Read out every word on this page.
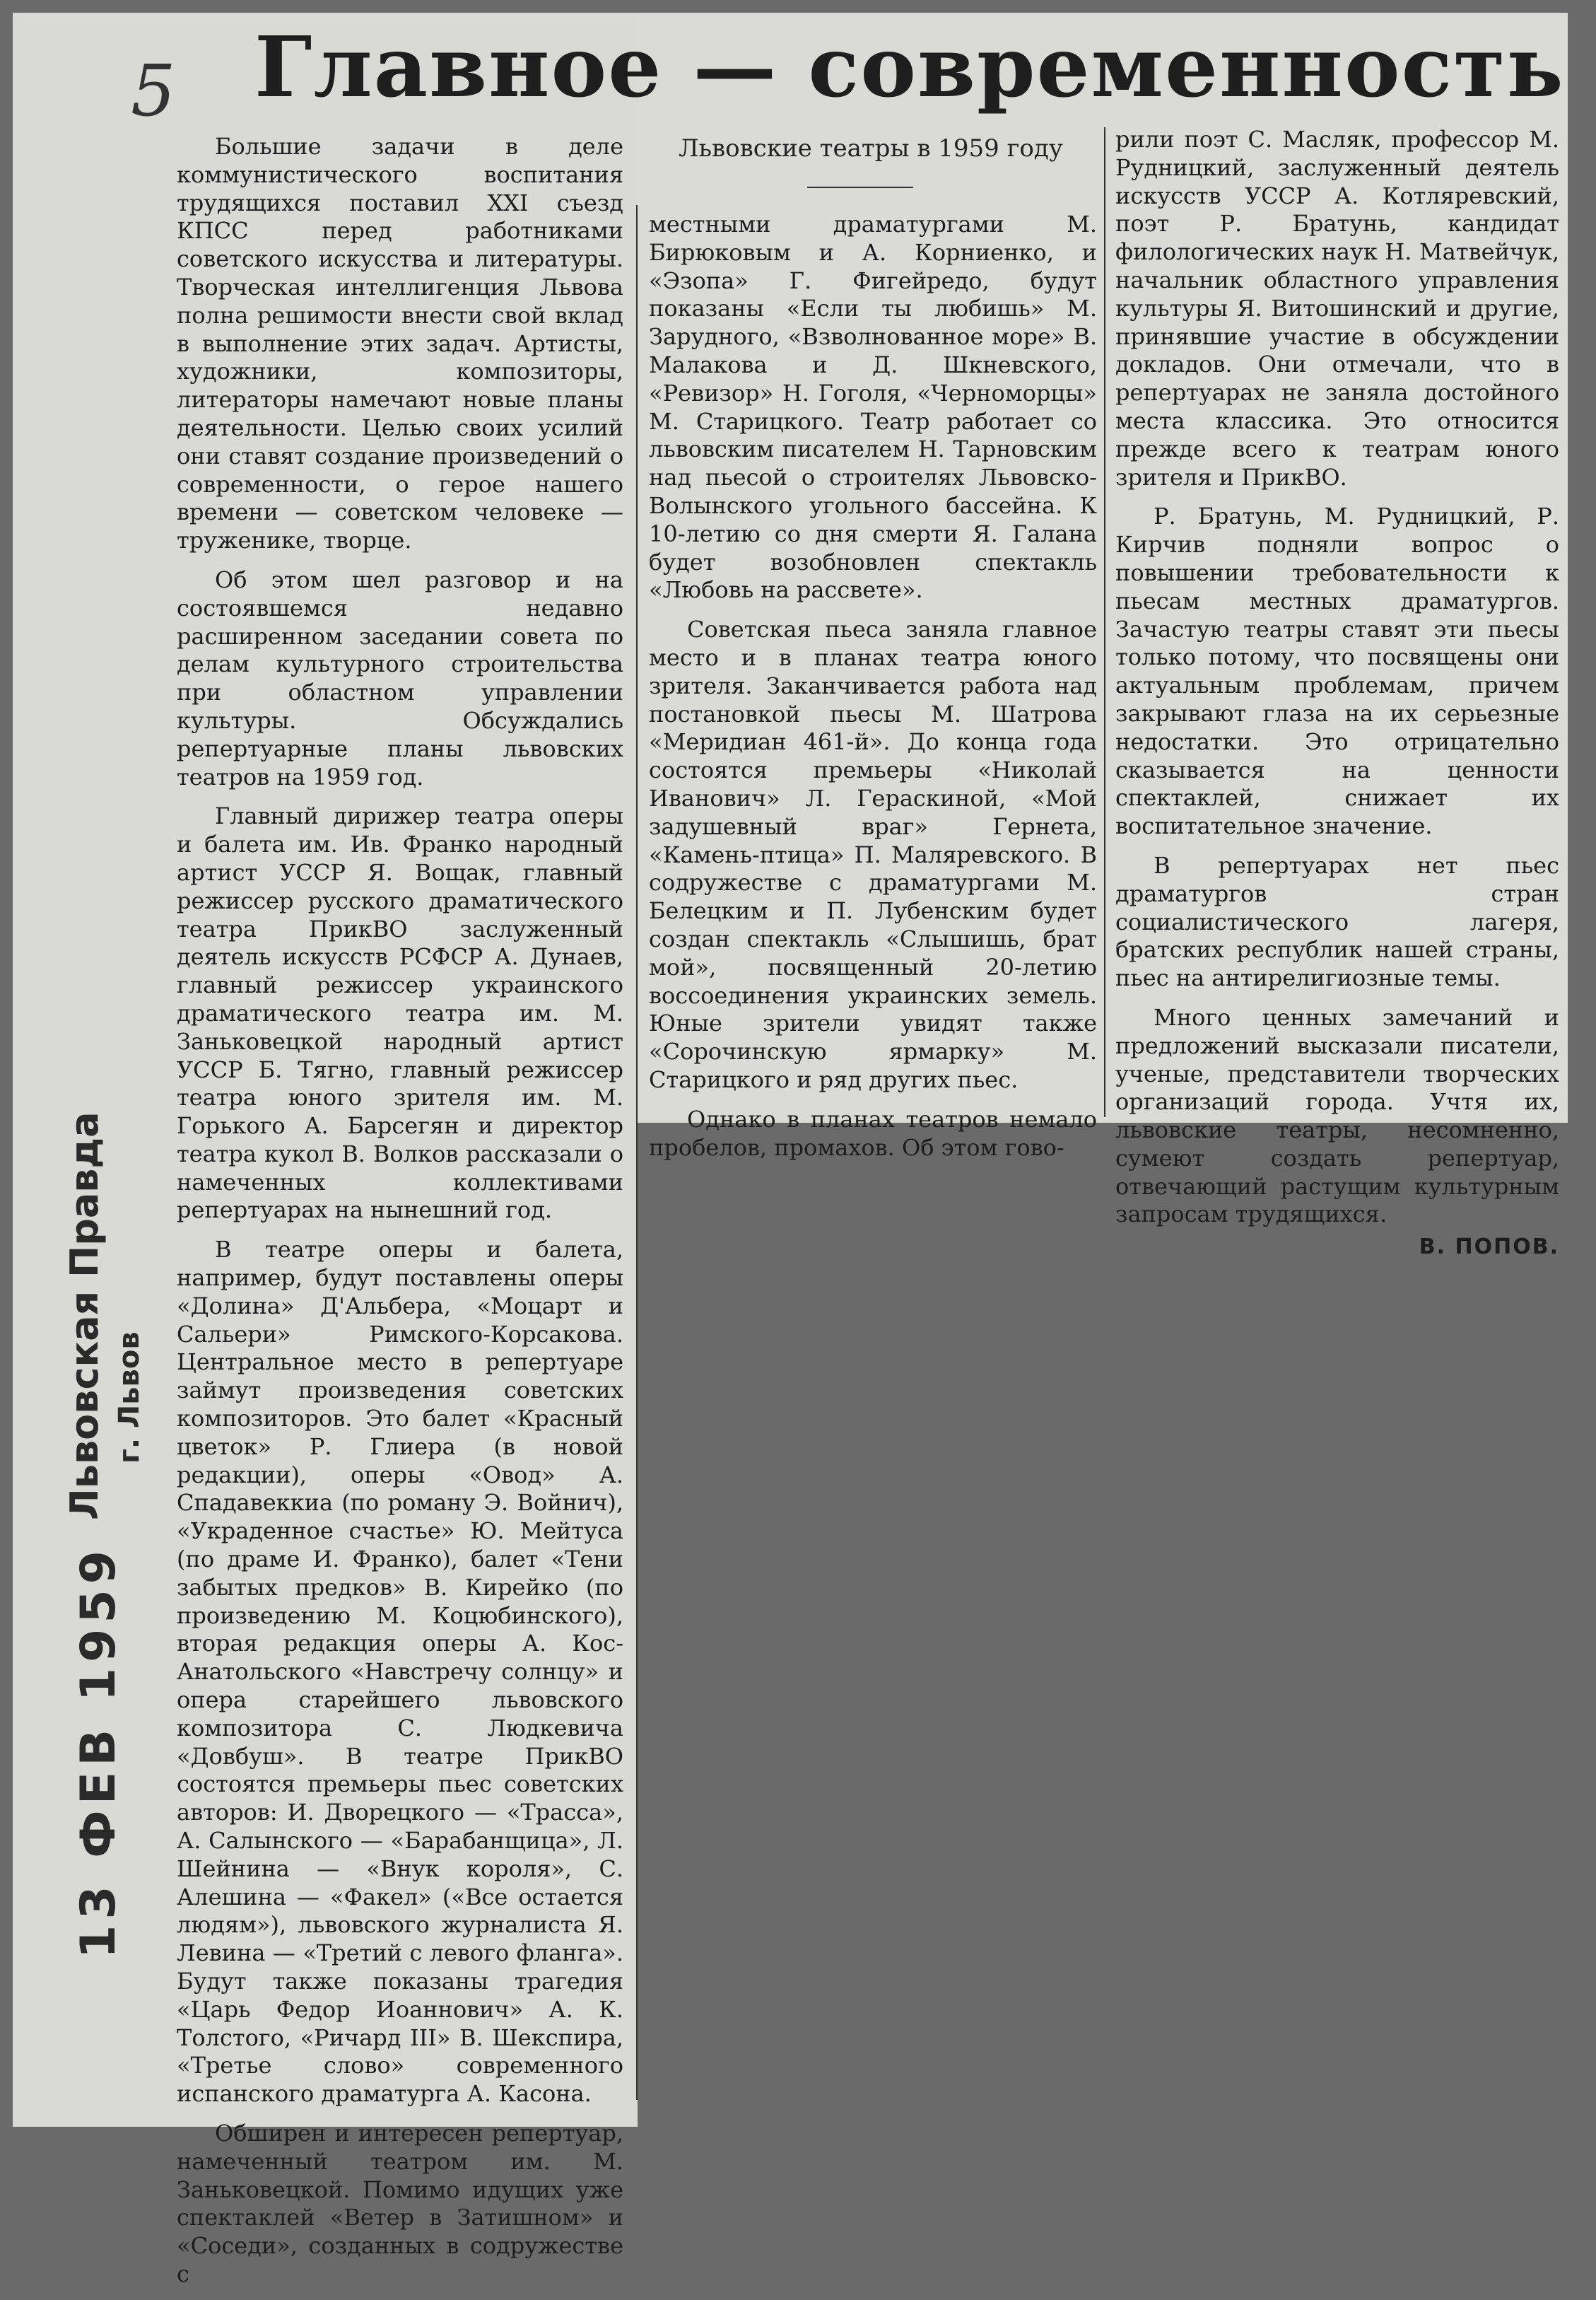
5
Львовская Правда г. Львов
13 ФЕВ 1959
Главное — современность
Львовские театры в 1959 году

Большие задачи в деле коммунистического воспитания трудящихся поставил XXI съезд КПСС перед работниками советского искусства и литературы. Творческая интеллигенция Львова полна решимости внести свой вклад в выполнение этих задач. Артисты, художники, композиторы, литераторы намечают новые планы деятельности. Целью своих усилий они ставят создание произведений о современности, о герое нашего времени — советском человеке — труженике, творце.

Об этом шел разговор и на состоявшемся недавно расширенном заседании совета по делам культурного строительства при областном управлении культуры. Обсуждались репертуарные планы львовских театров на 1959 год.

Главный дирижер театра оперы и балета им. Ив. Франко народный артист УССР Я. Вощак, главный режиссер русского драматического театра ПрикВО заслуженный деятель искусств РСФСР А. Дунаев, главный режиссер украинского драматического театра им. М. Заньковецкой народный артист УССР Б. Тягно, главный режиссер театра юного зрителя им. М. Горького А. Барсегян и директор театра кукол В. Волков рассказали о намеченных коллективами репертуарах на нынешний год.

В театре оперы и балета, например, будут поставлены оперы «Долина» Д'Альбера, «Моцарт и Сальери» Римского-Корсакова. Центральное место в репертуаре займут произведения советских композиторов. Это балет «Красный цветок» Р. Глиера (в новой редакции), оперы «Овод» А. Спадавеккиа (по роману Э. Войнич), «Украденное счастье» Ю. Мейтуса (по драме И. Франко), балет «Тени забытых предков» В. Кирейко (по произведению М. Коцюбинского), вторая редакция оперы А. Кос-Анатольского «Навстречу солнцу» и опера старейшего львовского композитора С. Людкевича «Довбуш». В театре ПрикВО состоятся премьеры пьес советских авторов: И. Дворецкого — «Трасса», А. Салынского — «Барабанщица», Л. Шейнина — «Внук короля», С. Алешина — «Факел» («Все остается людям»), львовского журналиста Я. Левина — «Третий с левого фланга». Будут также показаны трагедия «Царь Федор Иоаннович» А. К. Толстого, «Ричард III» В. Шекспира, «Третье слово» современного испанского драматурга А. Касона.

Обширен и интересен репертуар, намеченный театром им. М. Заньковецкой. Помимо идущих уже спектаклей «Ветер в Затишном» и «Соседи», созданных в содружестве с

местными драматургами М. Бирюковым и А. Корниенко, и «Эзопа» Г. Фигейредо, будут показаны «Если ты любишь» М. Зарудного, «Взволнованное море» В. Малакова и Д. Шкневского, «Ревизор» Н. Гоголя, «Черноморцы» М. Старицкого. Театр работает со львовским писателем Н. Тарновским над пьесой о строителях Львовско-Волынского угольного бассейна. К 10-летию со дня смерти Я. Галана будет возобновлен спектакль «Любовь на рассвете».

Советская пьеса заняла главное место и в планах театра юного зрителя. Заканчивается работа над постановкой пьесы М. Шатрова «Меридиан 461-й». До конца года состоятся премьеры «Николай Иванович» Л. Гераскиной, «Мой задушевный враг» Гернета, «Камень-птица» П. Маляревского. В содружестве с драматургами М. Белецким и П. Лубенским будет создан спектакль «Слышишь, брат мой», посвященный 20-летию воссоединения украинских земель. Юные зрители увидят также «Сорочинскую ярмарку» М. Старицкого и ряд других пьес.

Однако в планах театров немало пробелов, промахов. Об этом гово-

рили поэт С. Масляк, профессор М. Рудницкий, заслуженный деятель искусств УССР А. Котляревский, поэт Р. Братунь, кандидат филологических наук Н. Матвейчук, начальник областного управления культуры Я. Витошинский и другие, принявшие участие в обсуждении докладов. Они отмечали, что в репертуарах не заняла достойного места классика. Это относится прежде всего к театрам юного зрителя и ПрикВО.

Р. Братунь, М. Рудницкий, Р. Кирчив подняли вопрос о повышении требовательности к пьесам местных драматургов. Зачастую театры ставят эти пьесы только потому, что посвящены они актуальным проблемам, причем закрывают глаза на их серьезные недостатки. Это отрицательно сказывается на ценности спектаклей, снижает их воспитательное значение.

В репертуарах нет пьес драматургов стран социалистического лагеря, братских республик нашей страны, пьес на антирелигиозные темы.

Много ценных замечаний и предложений высказали писатели, ученые, представители творческих организаций города. Учтя их, львовские театры, несомненно, сумеют создать репертуар, отвечающий растущим культурным запросам трудящихся.

В. ПОПОВ.
